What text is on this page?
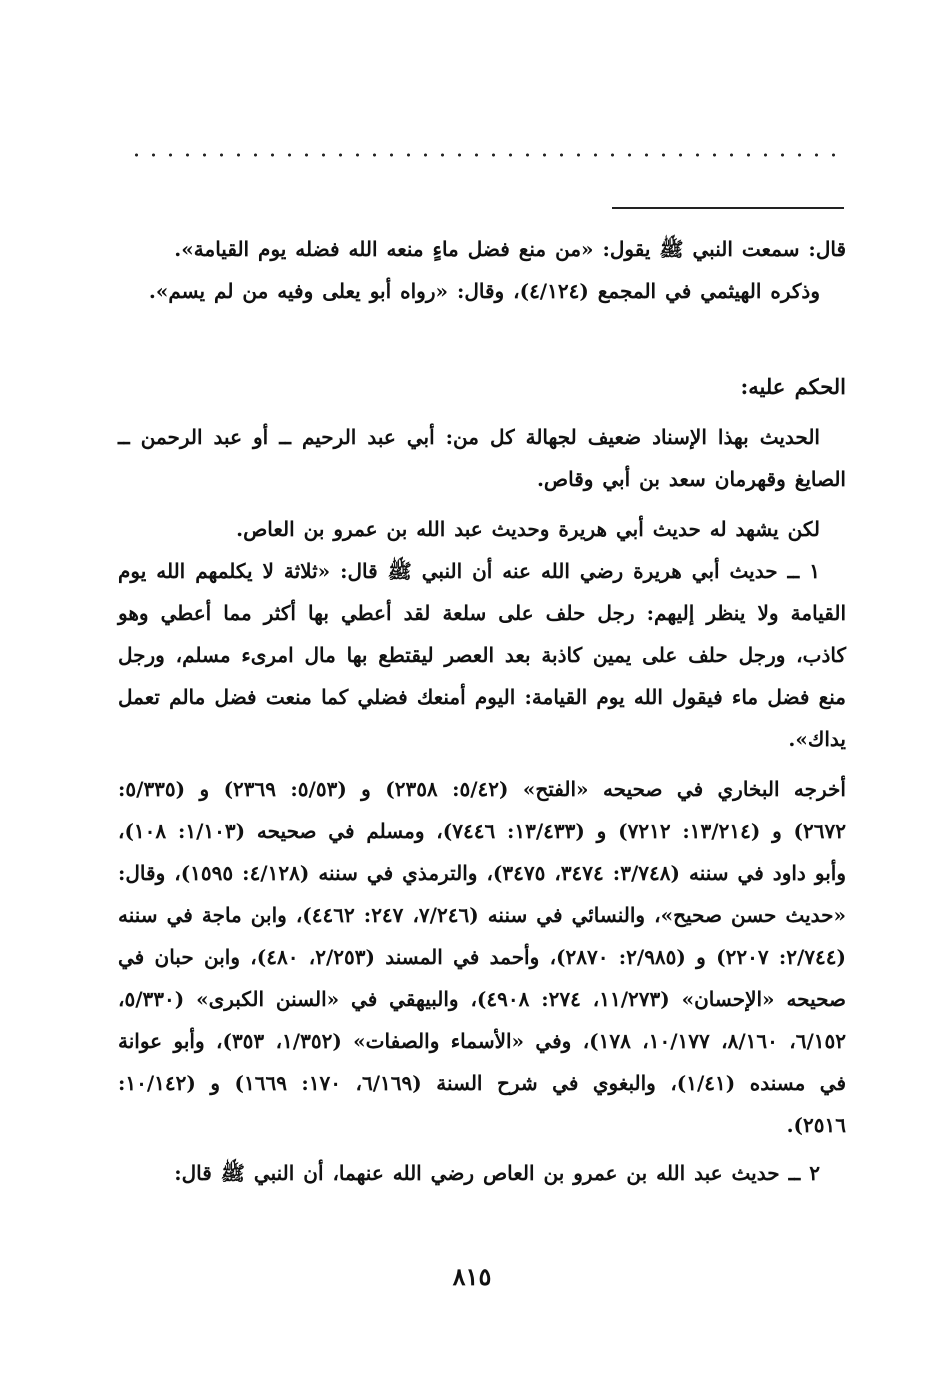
قال: سمعت النبي ﷺ يقول: «من منع فضل ماءٍ منعه الله فضله يوم القيامة».

وذكره الهيثمي في المجمع (٤/١٢٤)، وقال: «رواه أبو يعلى وفيه من لم يسم».

الحكم عليه:

الحديث بهذا الإسناد ضعيف لجهالة كل من: أبي عبد الرحيم ــ أو عبد الرحمن ــ الصايغ وقهرمان سعد بن أبي وقاص.

لكن يشهد له حديث أبي هريرة وحديث عبد الله بن عمرو بن العاص.

١ ــ حديث أبي هريرة رضي الله عنه أن النبي ﷺ قال: «ثلاثة لا يكلمهم الله يوم القيامة ولا ينظر إليهم: رجل حلف على سلعة لقد أعطي بها أكثر مما أعطي وهو كاذب، ورجل حلف على يمين كاذبة بعد العصر ليقتطع بها مال امرىء مسلم، ورجل منع فضل ماء فيقول الله يوم القيامة: اليوم أمنعك فضلي كما منعت فضل مالم تعمل يداك».

أخرجه البخاري في صحيحه «الفتح» (٥/٤٢: ٢٣٥٨) و (٥/٥٣: ٢٣٦٩) و (٥/٣٣٥: ٢٦٧٢) و (١٣/٢١٤: ٧٢١٢) و (١٣/٤٣٣: ٧٤٤٦)، ومسلم في صحيحه (١/١٠٣: ١٠٨)، وأبو داود في سننه (٣/٧٤٨: ٣٤٧٤، ٣٤٧٥)، والترمذي في سننه (٤/١٢٨: ١٥٩٥)، وقال: «حديث حسن صحيح»، والنسائي في سننه (٧/٢٤٦، ٢٤٧: ٤٤٦٢)، وابن ماجة في سننه (٢/٧٤٤: ٢٢٠٧) و (٢/٩٨٥: ٢٨٧٠)، وأحمد في المسند (٢/٢٥٣، ٤٨٠)، وابن حبان في صحيحه «الإحسان» (١١/٢٧٣، ٢٧٤: ٤٩٠٨)، والبيهقي في «السنن الكبرى» (٥/٣٣٠، ٦/١٥٢، ٨/١٦٠، ١٠/١٧٧، ١٧٨)، وفي «الأسماء والصفات» (١/٣٥٢، ٣٥٣)، وأبو عوانة في مسنده (١/٤١)، والبغوي في شرح السنة (٦/١٦٩، ١٧٠: ١٦٦٩) و (١٠/١٤٢: ٢٥١٦).

٢ ــ حديث عبد الله بن عمرو بن العاص رضي الله عنهما، أن النبي ﷺ قال:

٨١٥
